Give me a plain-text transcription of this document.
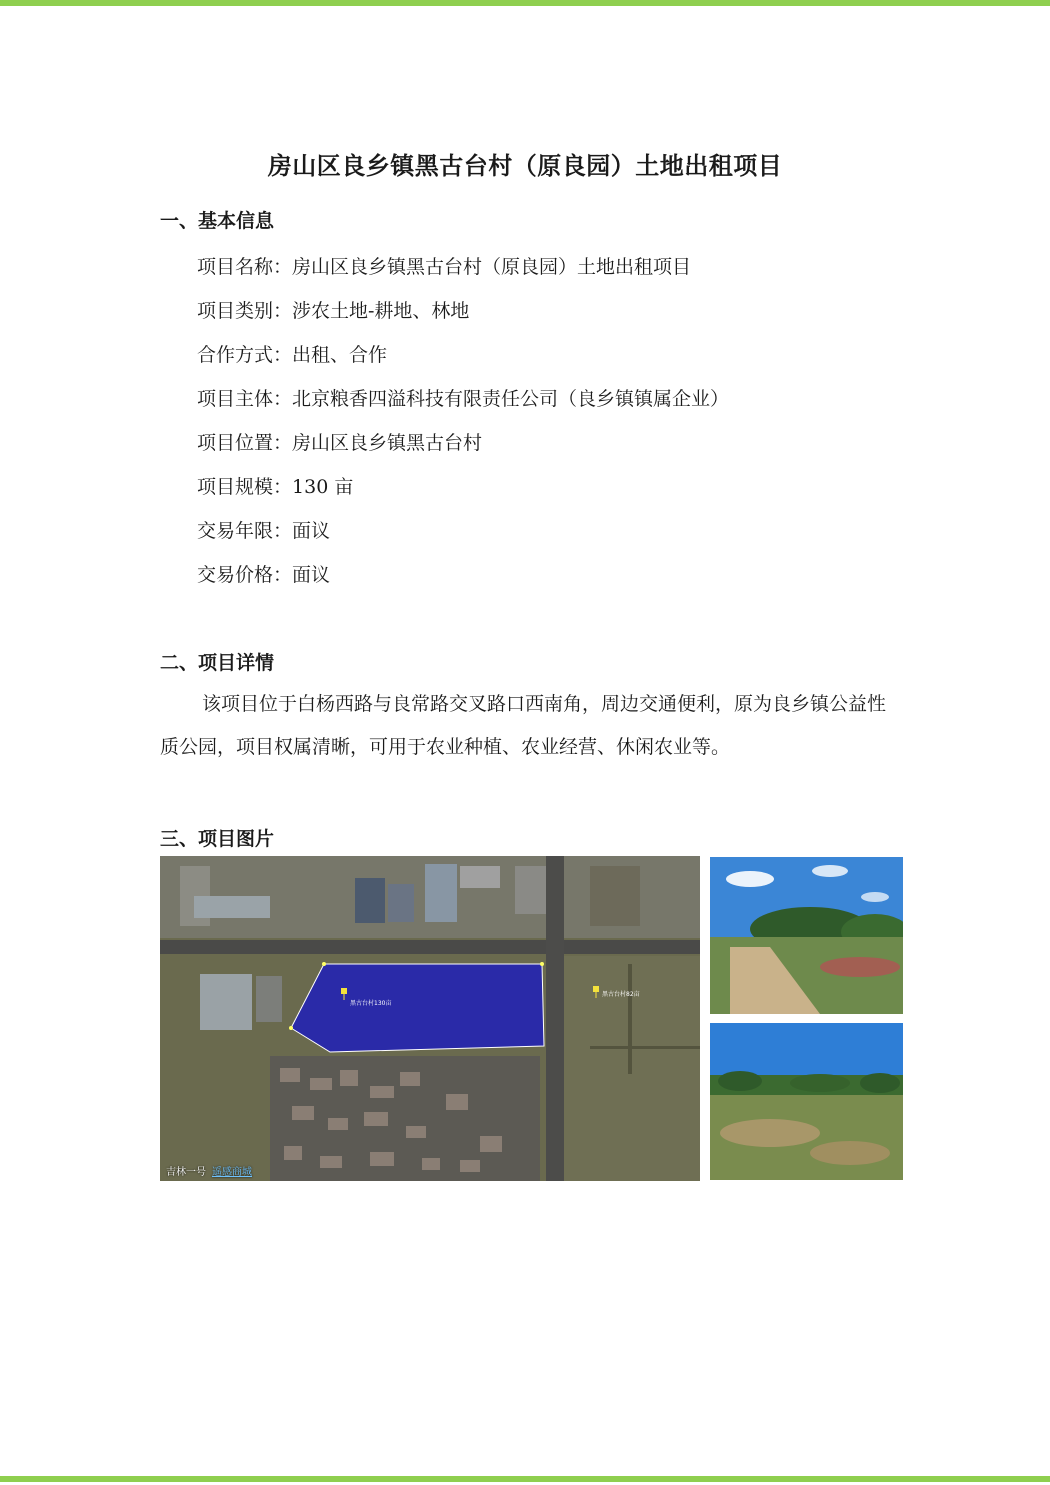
房山区良乡镇黑古台村（原良园）土地出租项目
一、基本信息
项目名称：房山区良乡镇黑古台村（原良园）土地出租项目
项目类别：涉农土地-耕地、林地
合作方式：出租、合作
项目主体：北京粮香四溢科技有限责任公司（良乡镇镇属企业）
项目位置：房山区良乡镇黑古台村
项目规模：130 亩
交易年限：面议
交易价格：面议
二、项目详情
该项目位于白杨西路与良常路交叉路口西南角，周边交通便利，原为良乡镇公益性质公园，项目权属清晰，可用于农业种植、农业经营、休闲农业等。
三、项目图片
黑古台村130亩
黑古台村82亩
吉林一号 遥感商城
